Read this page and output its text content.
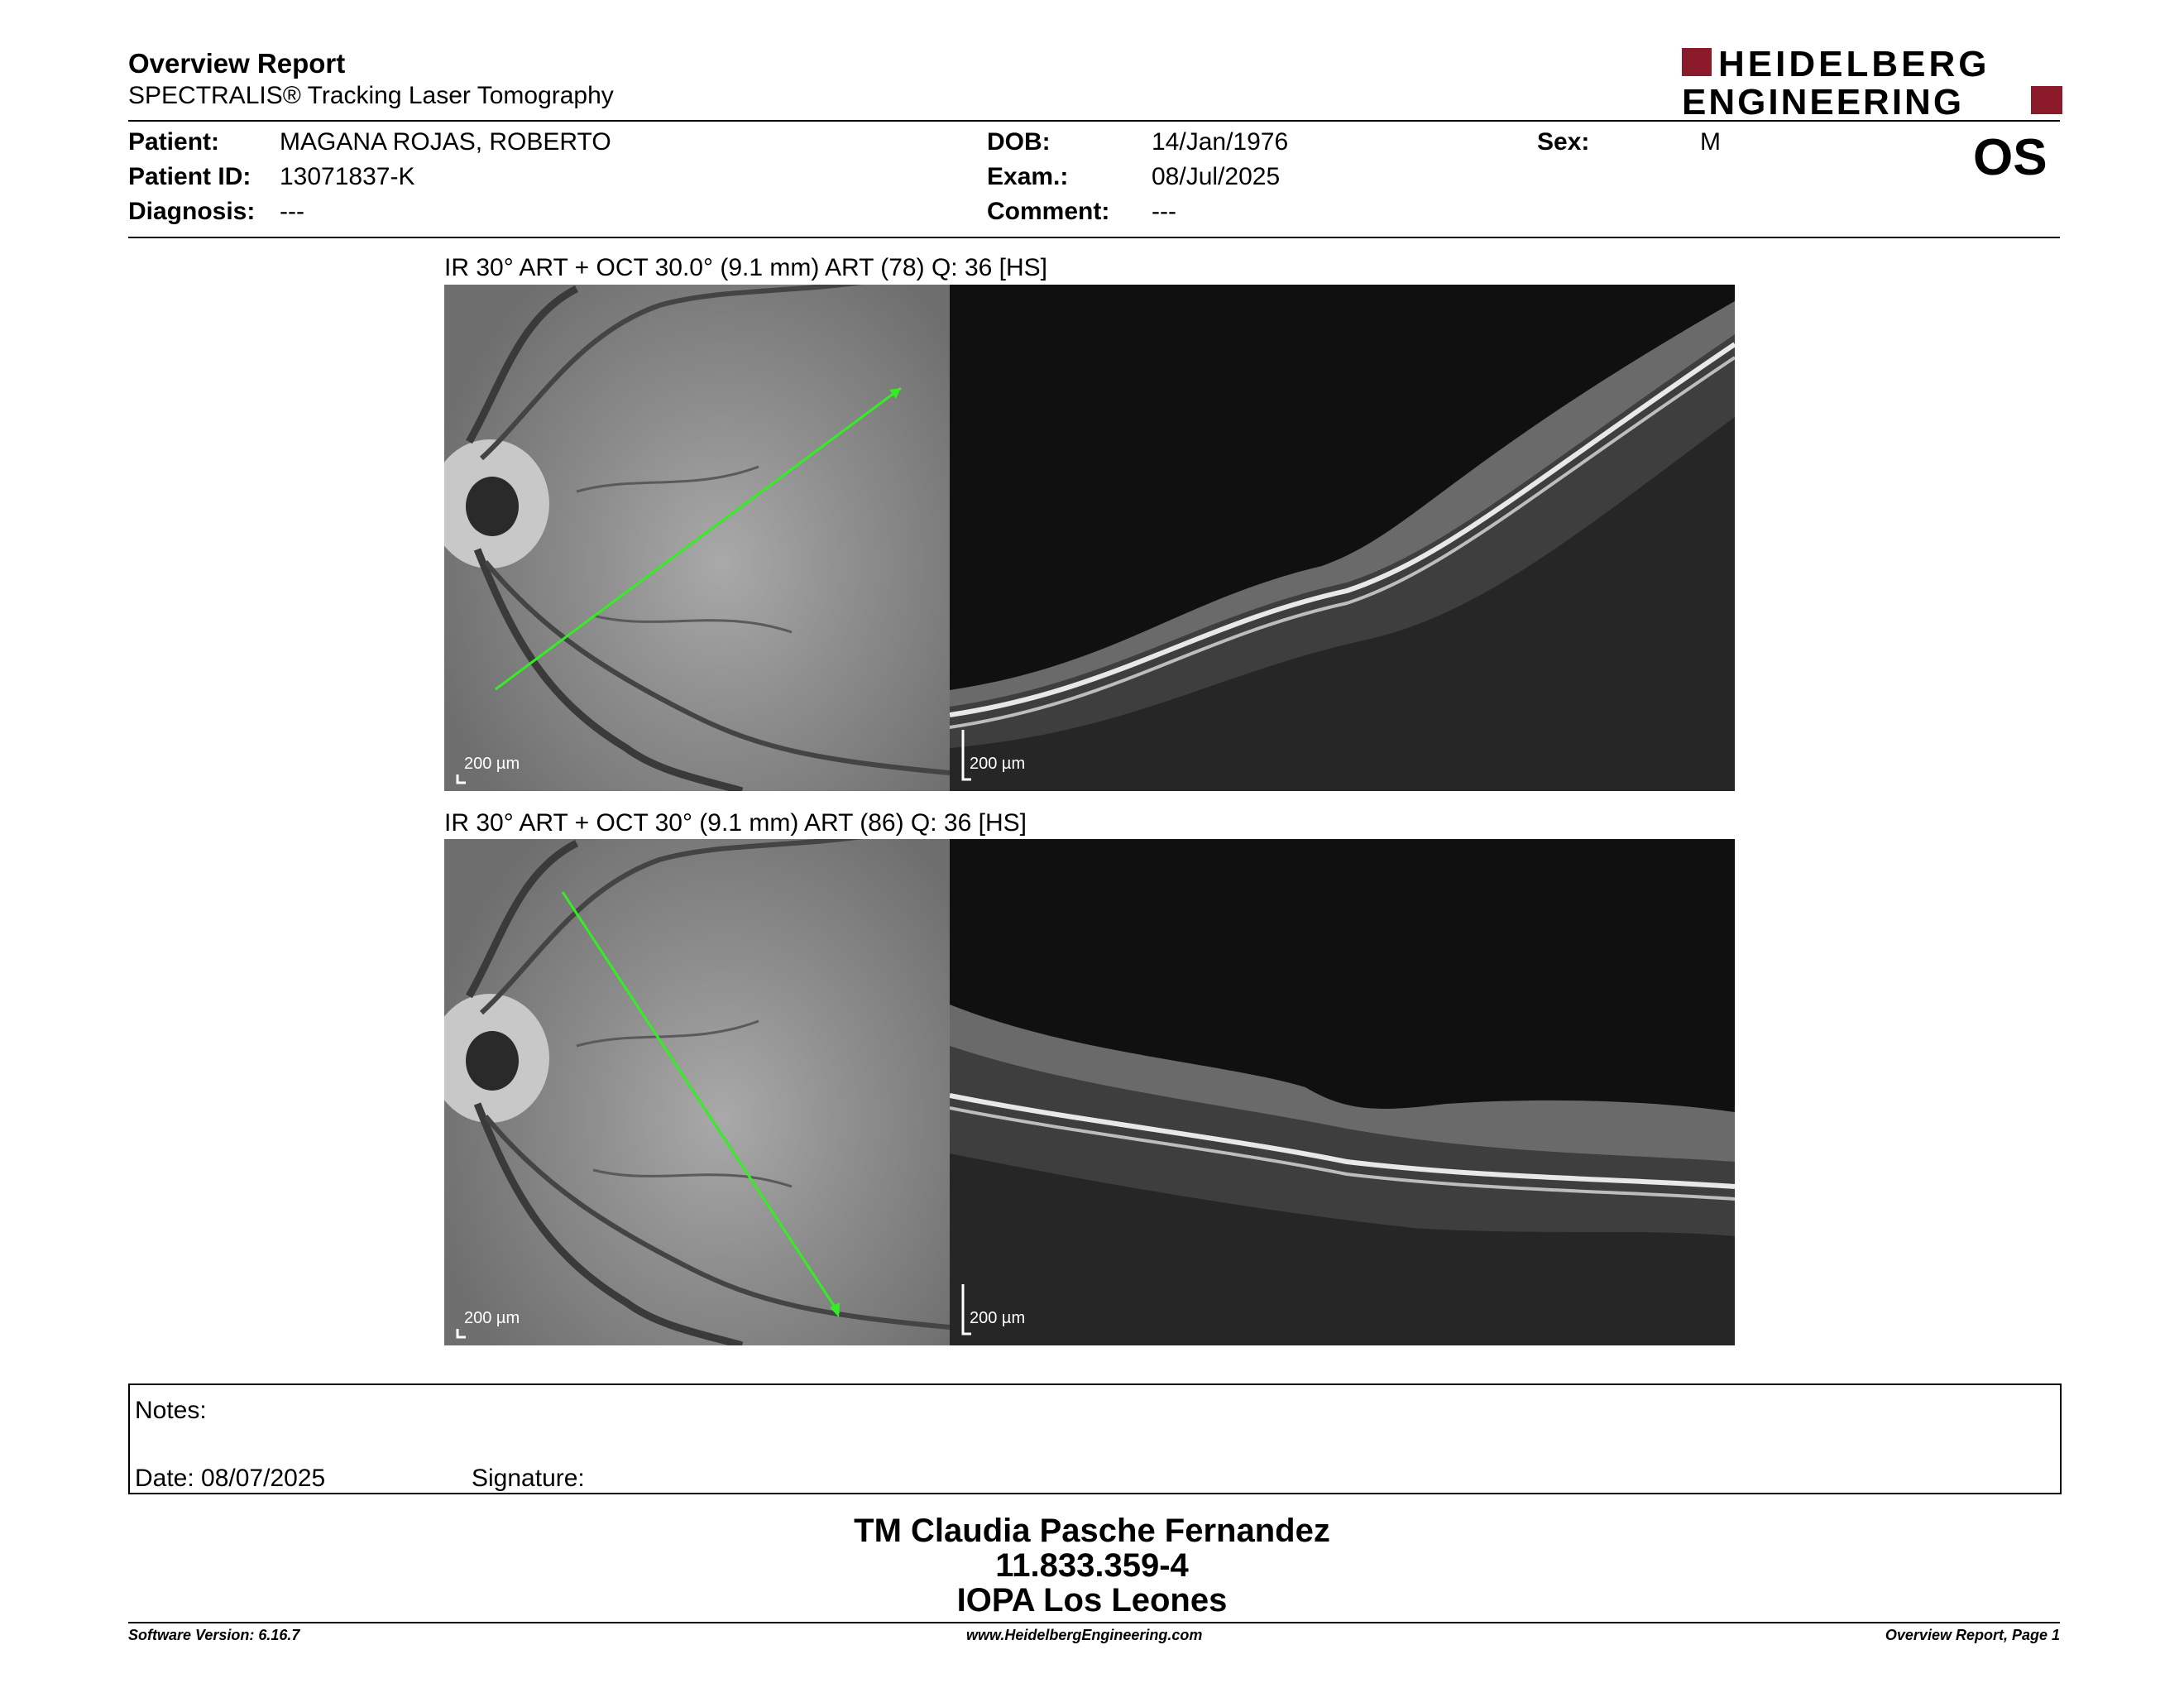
Overview Report
SPECTRALIS® Tracking Laser Tomography
HEIDELBERG
ENGINEERING
Patient: MAGANA ROJAS, ROBERTO
Patient ID: 13071837-K
Diagnosis: ---
DOB:	14/Jan/1976
Exam.:	08/Jul/2025
Comment: ---
Sex:	M	OS
IR 30° ART + OCT 30.0° (9.1 mm) ART (78) Q: 36 [HS]
200 µm	200 µm
IR 30° ART + OCT 30° (9.1 mm) ART (86) Q: 36 [HS]
200 µm	200 µm
Notes:
Date: 08/07/2025	Signature:
TM Claudia Pasche Fernandez
11.833.359-4
IOPA Los Leones
Software Version: 6.16.7	www.HeidelbergEngineering.com	Overview Report, Page 1
